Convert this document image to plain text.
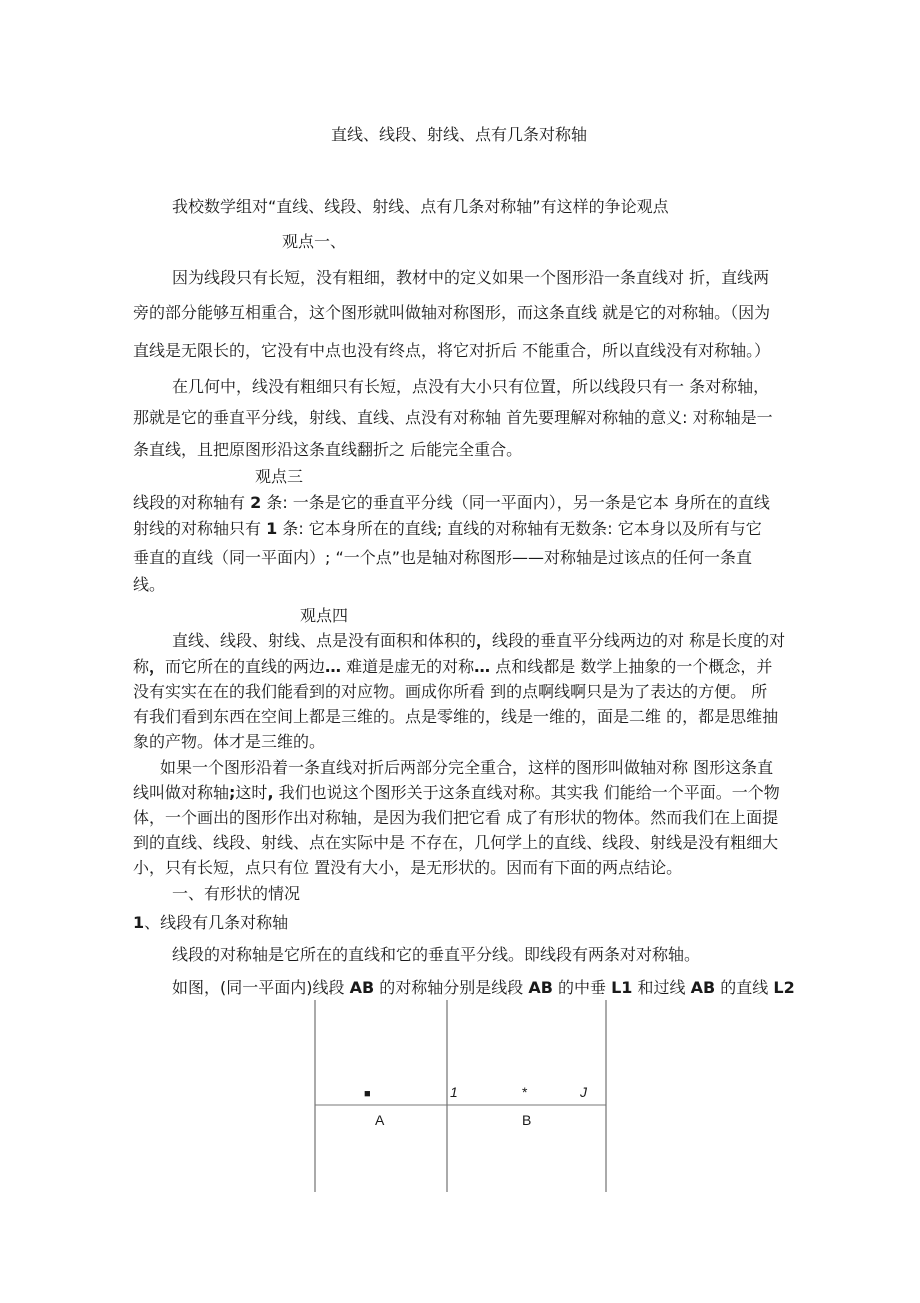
直线、线段、射线、点有几条对称轴

我校数学组对“直线、线段、射线、点有几条对称轴”有这样的争论观点

观点一、

因为线段只有长短，没有粗细，教材中的定义如果一个图形沿一条直线对 折，直线两

旁的部分能够互相重合，这个图形就叫做轴对称图形，而这条直线 就是它的对称轴。（因为

直线是无限长的，它没有中点也没有终点，将它对折后 不能重合，所以直线没有对称轴。）

在几何中，线没有粗细只有长短，点没有大小只有位置，所以线段只有一 条对称轴，

那就是它的垂直平分线，射线、直线、点没有对称轴 首先要理解对称轴的意义: 对称轴是一

条直线，且把原图形沿这条直线翻折之 后能完全重合。

观点三

线段的对称轴有 2 条: 一条是它的垂直平分线（同一平面内），另一条是它本 身所在的直线

射线的对称轴只有 1 条: 它本身所在的直线; 直线的对称轴有无数条: 它本身以及所有与它

垂直的直线（同一平面内）; “一个点”也是轴对称图形——对称轴是过该点的任何一条直

线。

观点四

直线、线段、射线、点是没有面积和体积的，线段的垂直平分线两边的对 称是长度的对

称，而它所在的直线的两边… 难道是虚无的对称… 点和线都是 数学上抽象的一个概念，并

没有实实在在的我们能看到的对应物。画成你所看 到的点啊线啊只是为了表达的方便。 所

有我们看到东西在空间上都是三维的。点是零维的，线是一维的，面是二维 的，都是思维抽

象的产物。体才是三维的。

如果一个图形沿着一条直线对折后两部分完全重合，这样的图形叫做轴对称 图形这条直

线叫做对称轴;这时, 我们也说这个图形关于这条直线对称。其实我 们能给一个平面。一个物

体，一个画出的图形作出对称轴，是因为我们把它看 成了有形状的物体。然而我们在上面提

到的直线、线段、射线、点在实际中是 不存在，几何学上的直线、线段、射线是没有粗细大

小，只有长短，点只有位 置没有大小，是无形状的。因而有下面的两点结论。

一、有形状的情况

1、线段有几条对称轴

线段的对称轴是它所在的直线和它的垂直平分线。即线段有两条对对称轴。

如图，(同一平面内)线段 AB 的对称轴分别是线段 AB 的中垂 L1 和过线 AB 的直线 L2

■	1	*	J
A	B
